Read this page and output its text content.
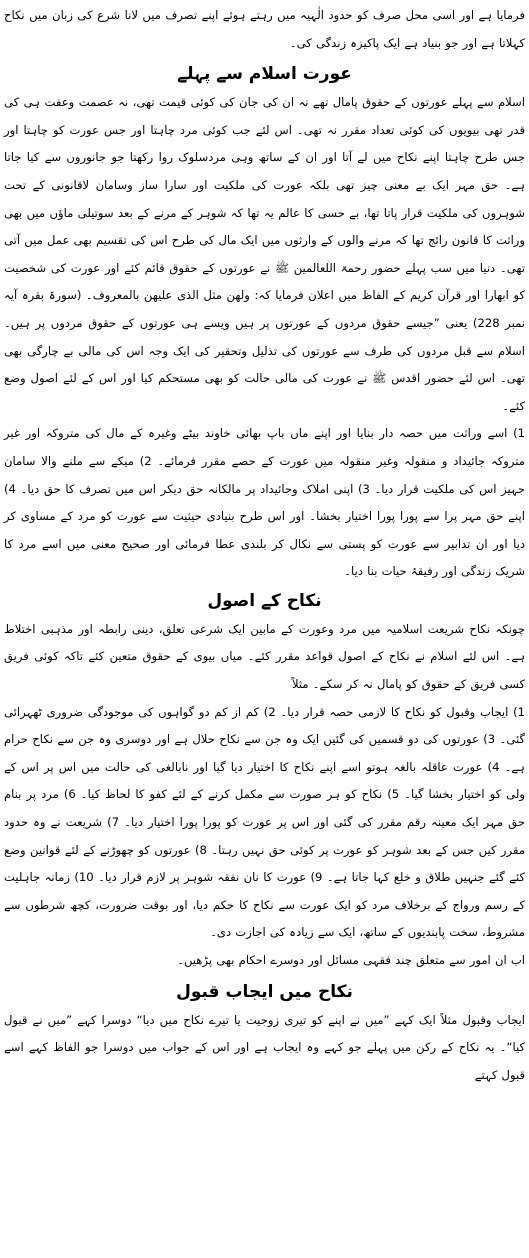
فرمایا ہے اور اسی محل صرف کو حدود الٰہیہ میں رہتے ہوئے اپنے تصرف میں لانا شرع کی زبان میں نکاح کہلاتا ہے اور جو بنیاد ہے ایک پاکیزہ زندگی کی۔

عورت اسلام سے پہلے

اسلام سے پہلے عورتوں کے حقوق پامال تھے نہ ان کی جان کی کوئی قیمت تھی، نہ عصمت وعفت ہی کی قدر تھی بیویوں کی کوئی تعداد مقرر نہ تھی۔ اس لئے جب کوئی مرد چاہتا اور جس عورت کو چاہتا اور جس طرح چاہتا اپنے نکاح میں لے آتا اور ان کے ساتھ وہی مردسلوک روا رکھتا جو جانوروں سے کیا جاتا ہے۔ حق مہر ایک بے معنی چیز تھی بلکہ عورت کی ملکیت اور سارا ساز وسامان لاقانونی کے تحت شوہروں کی ملکیت قرار پاتا تھا، بے حسی کا عالم یہ تھا کہ شوہر کے مرنے کے بعد سوتیلی ماؤں میں بھی وراثت کا قانون رائج تھا کہ مرنے والوں کے وارثوں میں ایک مال کی طرح اس کی تقسیم بھی عمل میں آتی تھی۔ دنیا میں سب پہلے حضور رحمۃ اللعالمین ﷺ نے عورتوں کے حقوق قائم کئے اور عورت کی شخصیت کو ابھارا اور قرآن کریم کے الفاظ میں اعلان فرمایا کہ: ولھن مثل الذی علیھن بالمعروف۔ (سورۃ بقرہ آیہ نمبر 228) یعنی ”جیسے حقوق مردوں کے عورتوں پر ہیں ویسے ہی عورتوں کے حقوق مردوں پر ہیں۔ اسلام سے قبل مردوں کی طرف سے عورتوں کی تذلیل وتحقیر کی ایک وجہ اس کی مالی بے چارگی بھی تھی۔ اس لئے حضور اقدس ﷺ نے عورت کی مالی حالت کو بھی مستحکم کیا اور اس کے لئے اصول وضع کئے۔

1) اسے وراثت میں حصہ دار بنایا اور اپنے ماں باپ بھائی خاوند بیٹے وغیرہ کے مال کی متروکہ اور غیر متروکہ جائیداد و منقولہ وغیر منقولہ میں عورت کے حصے مقرر فرمائے۔ 2) میکے سے ملنے والا سامان جہیز اس کی ملکیت قرار دیا۔ 3) اپنی املاک وجائیداد پر مالکانہ حق دیکر اس میں تصرف کا حق دیا۔ 4) اپنے حق مہر پرا سے پورا پورا اختیار بخشا۔ اور اس طرح بنیادی حیثیت سے عورت کو مرد کے مساوی کر دیا اور ان تدابیر سے عورت کو پستی سے نکال کر بلندی عطا فرمائی اور صحیح معنی میں اسے مرد کا شریک زندگی اور رفیقۂ حیات بنا دیا۔

نکاح کے اصول

چونکہ نکاح شریعت اسلامیہ میں مرد وعورت کے مابین ایک شرعی تعلق، دینی رابطہ اور مذہبی اختلاط ہے۔ اس لئے اسلام نے نکاح کے اصول قواعد مقرر کئے۔ میاں بیوی کے حقوق متعین کئے تاکہ کوئی فریق کسی فریق کے حقوق کو پامال نہ کر سکے۔ مثلاً

1) ایجاب وقبول کو نکاح کا لازمی حصہ قرار دیا۔ 2) کم از کم دو گواہوں کی موجودگی ضروری ٹھہرائی گئی۔ 3) عورتوں کی دو قسمیں کی گئیں ایک وہ جن سے نکاح حلال ہے اور دوسری وہ جن سے نکاح حرام ہے۔ 4) عورت عاقلہ بالغہ ہوتو اسے اپنے نکاح کا اختیار دیا گیا اور نابالغی کی حالت میں اس پر اس کے ولی کو اختیار بخشا گیا۔ 5) نکاح کو ہر صورت سے مکمل کرنے کے لئے کفو کا لحاظ کیا۔ 6) مرد پر بنام حق مہر ایک معینہ رقم مقرر کی گئی اور اس پر عورت کو پورا پورا اختیار دیا۔ 7) شریعت نے وہ حدود مقرر کیں جس کے بعد شوہر کو عورت پر کوئی حق نہیں رہتا۔ 8) عورتوں کو چھوڑنے کے لئے قوانین وضع کئے گئے جنہیں طلاق و خلع کہا جاتا ہے۔ 9) عورت کا نان نفقہ شوہر پر لازم قرار دیا۔ 10) زمانہ جاہلیت کے رسم ورواج کے برخلاف مرد کو ایک عورت سے نکاح کا حکم دیا، اور بوقت ضرورت، کچھ شرطوں سے مشروط، سخت پابندیوں کے ساتھ، ایک سے زیادہ کی اجازت دی۔

اب ان امور سے متعلق چند فقہی مسائل اور دوسرے احکام بھی پڑھیں۔

نکاح میں ایجاب قبول

ایجاب وقبول مثلاً ایک کہے ”میں نے اپنے کو تیری زوجیت یا تیرے نکاح میں دیا“ دوسرا کہے ”میں نے قبول کیا“۔ یہ نکاح کے رکن میں پہلے جو کہے وہ ایجاب ہے اور اس کے جواب میں دوسرا جو الفاظ کہے اسے قبول کہتے
